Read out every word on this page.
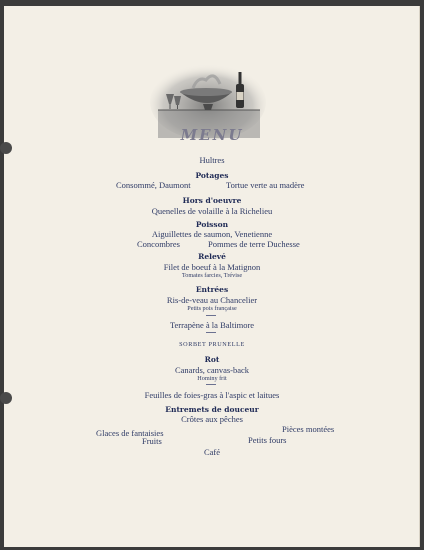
MENU
Hultres
Potages
Consommé, Daumont	Tortue verte au madère
Hors d'oeuvre
Quenelles de volaille à la Richelieu
Poisson
Aiguillettes de saumon, Venetienne
Concombres	Pommes de terre Duchesse
Relevé
Filet de boeuf à la Matignon
Tomates farcies, Trévise
Entrées
Ris-de-veau au Chancelier
Petits pois française
Terrapène à la Baltimore
SORBET PRUNELLE
Rot
Canards, canvas-back
Hominy frit
Feuilles de foies-gras à l'aspic et laitues
Entremets de douceur
Crôtes aux pêches
Pièces montées
Glaces de fantaisies
Fruits	Petits fours
Café
